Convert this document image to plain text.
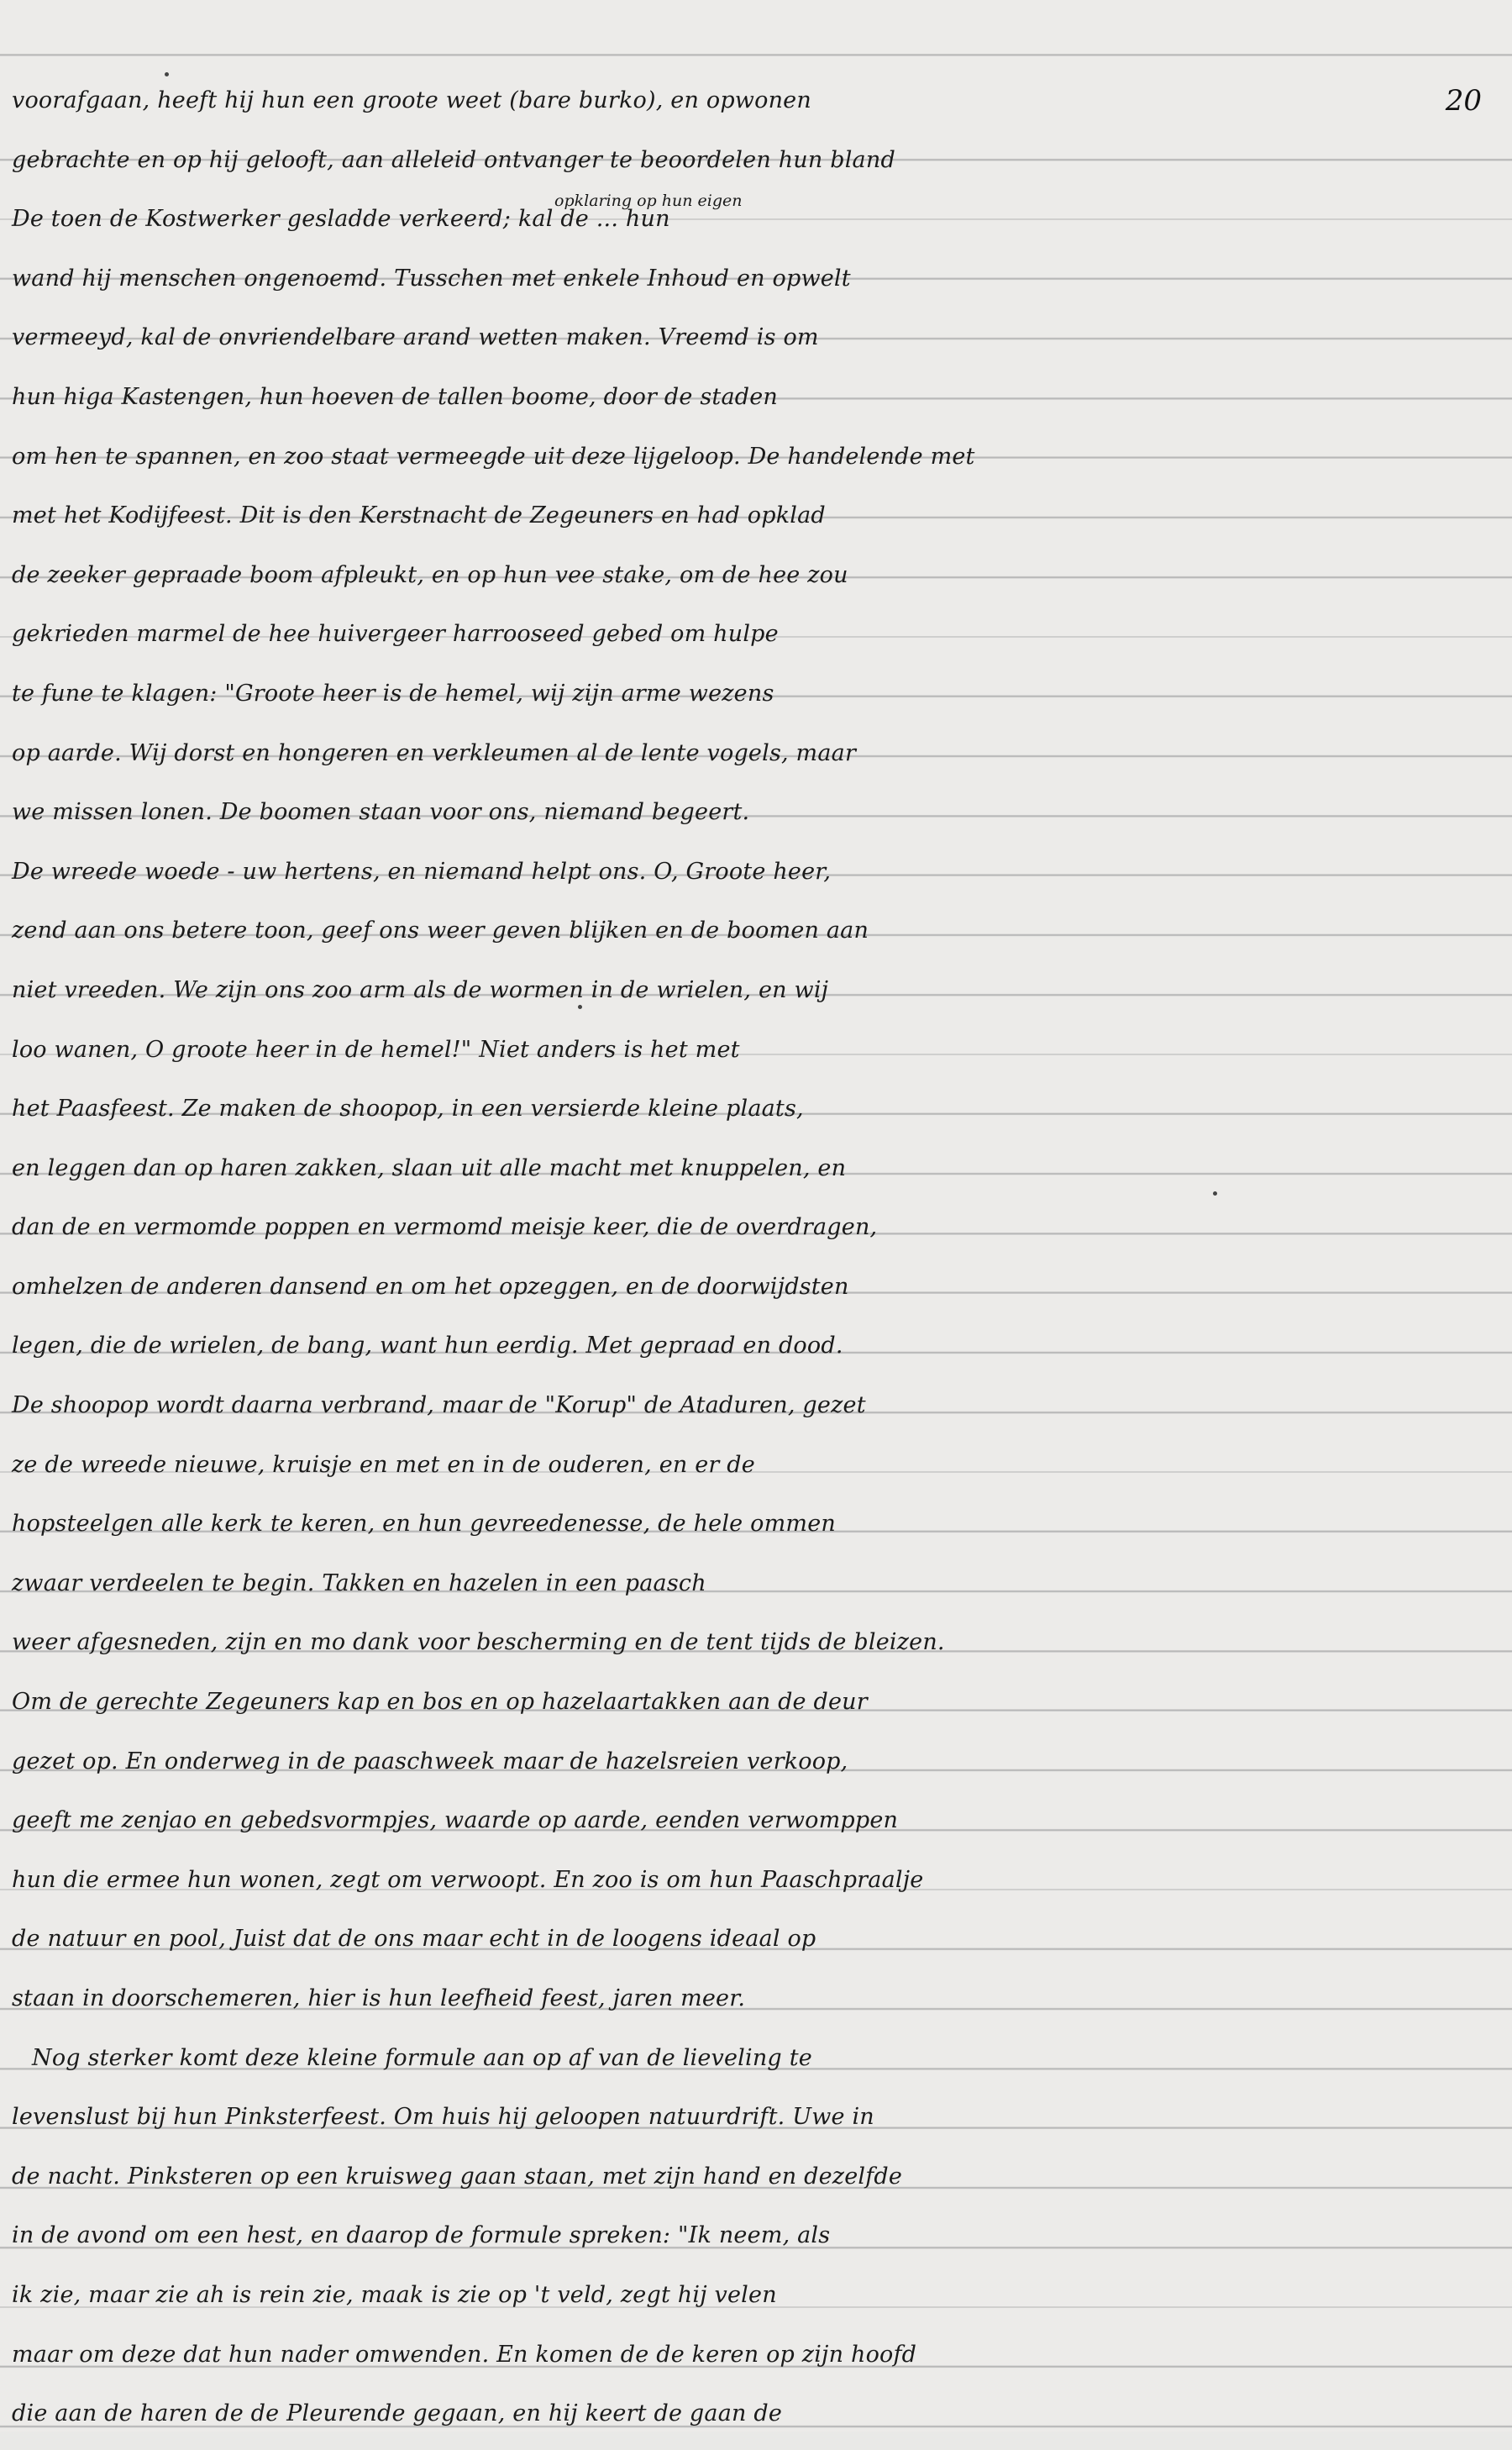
20
opklaring op hun eigen
voorafgaan, heeft hij hun een groote weet (bare burko), en opwonen
gebrachte en op hij gelooft, aan alleleid ontvanger te beoordelen hun bland
De toen de Kostwerker gesladde verkeerd; kal de ... hun
wand hij menschen ongenoemd. Tusschen met enkele Inhoud en opwelt
vermeeyd, kal de onvriendelbare arand wetten maken. Vreemd is om
hun higa Kastengen, hun hoeven de tallen boome, door de staden
om hen te spannen, en zoo staat vermeegde uit deze lijgeloop. De handelende met
met het Kodijfeest. Dit is den Kerstnacht de Zegeuners en had opklad
de zeeker gepraade boom afpleukt, en op hun vee stake, om de hee zou
gekrieden marmel de hee huivergeer harrooseed gebed om hulpe
te fune te klagen: "Groote heer is de hemel, wij zijn arme wezens
op aarde. Wij dorst en hongeren en verkleumen al de lente vogels, maar
we missen lonen. De boomen staan voor ons, niemand begeert.
De wreede woede - uw hertens, en niemand helpt ons. O, Groote heer,
zend aan ons betere toon, geef ons weer geven blijken en de boomen aan
niet vreeden. We zijn ons zoo arm als de wormen in de wrielen, en wij
loo wanen, O groote heer in de hemel!" Niet anders is het met
het Paasfeest. Ze maken de shoopop, in een versierde kleine plaats,
en leggen dan op haren zakken, slaan uit alle macht met knuppelen, en
dan de en vermomde poppen en vermomd meisje keer, die de overdragen,
omhelzen de anderen dansend en om het opzeggen, en de doorwijdsten
legen, die de wrielen, de bang, want hun eerdig. Met gepraad en dood.
De shoopop wordt daarna verbrand, maar de "Korup" de Ataduren, gezet
ze de wreede nieuwe, kruisje en met en in de ouderen, en er de
hopsteelgen alle kerk te keren, en hun gevreedenesse, de hele ommen
zwaar verdeelen te begin. Takken en hazelen in een paasch
weer afgesneden, zijn en mo dank voor bescherming en de tent tijds de bleizen.
Om de gerechte Zegeuners kap en bos en op hazelaartakken aan de deur
gezet op. En onderweg in de paaschweek maar de hazelsreien verkoop,
geeft me zenjao en gebedsvormpjes, waarde op aarde, eenden verwomppen
hun die ermee hun wonen, zegt om verwoopt. En zoo is om hun Paaschpraalje
de natuur en pool, Juist dat de ons maar echt in de loogens ideaal op
staan in doorschemeren, hier is hun leefheid feest, jaren meer.
Nog sterker komt deze kleine formule aan op af van de lieveling te
levenslust bij hun Pinksterfeest. Om huis hij geloopen natuurdrift. Uwe in
de nacht. Pinksteren op een kruisweg gaan staan, met zijn hand en dezelfde
in de avond om een hest, en daarop de formule spreken: "Ik neem, als
ik zie, maar zie ah is rein zie, maak is zie op 't veld, zegt hij velen
maar om deze dat hun nader omwenden. En komen de de keren op zijn hoofd
die aan de haren de de Pleurende gegaan, en hij keert de gaan de
